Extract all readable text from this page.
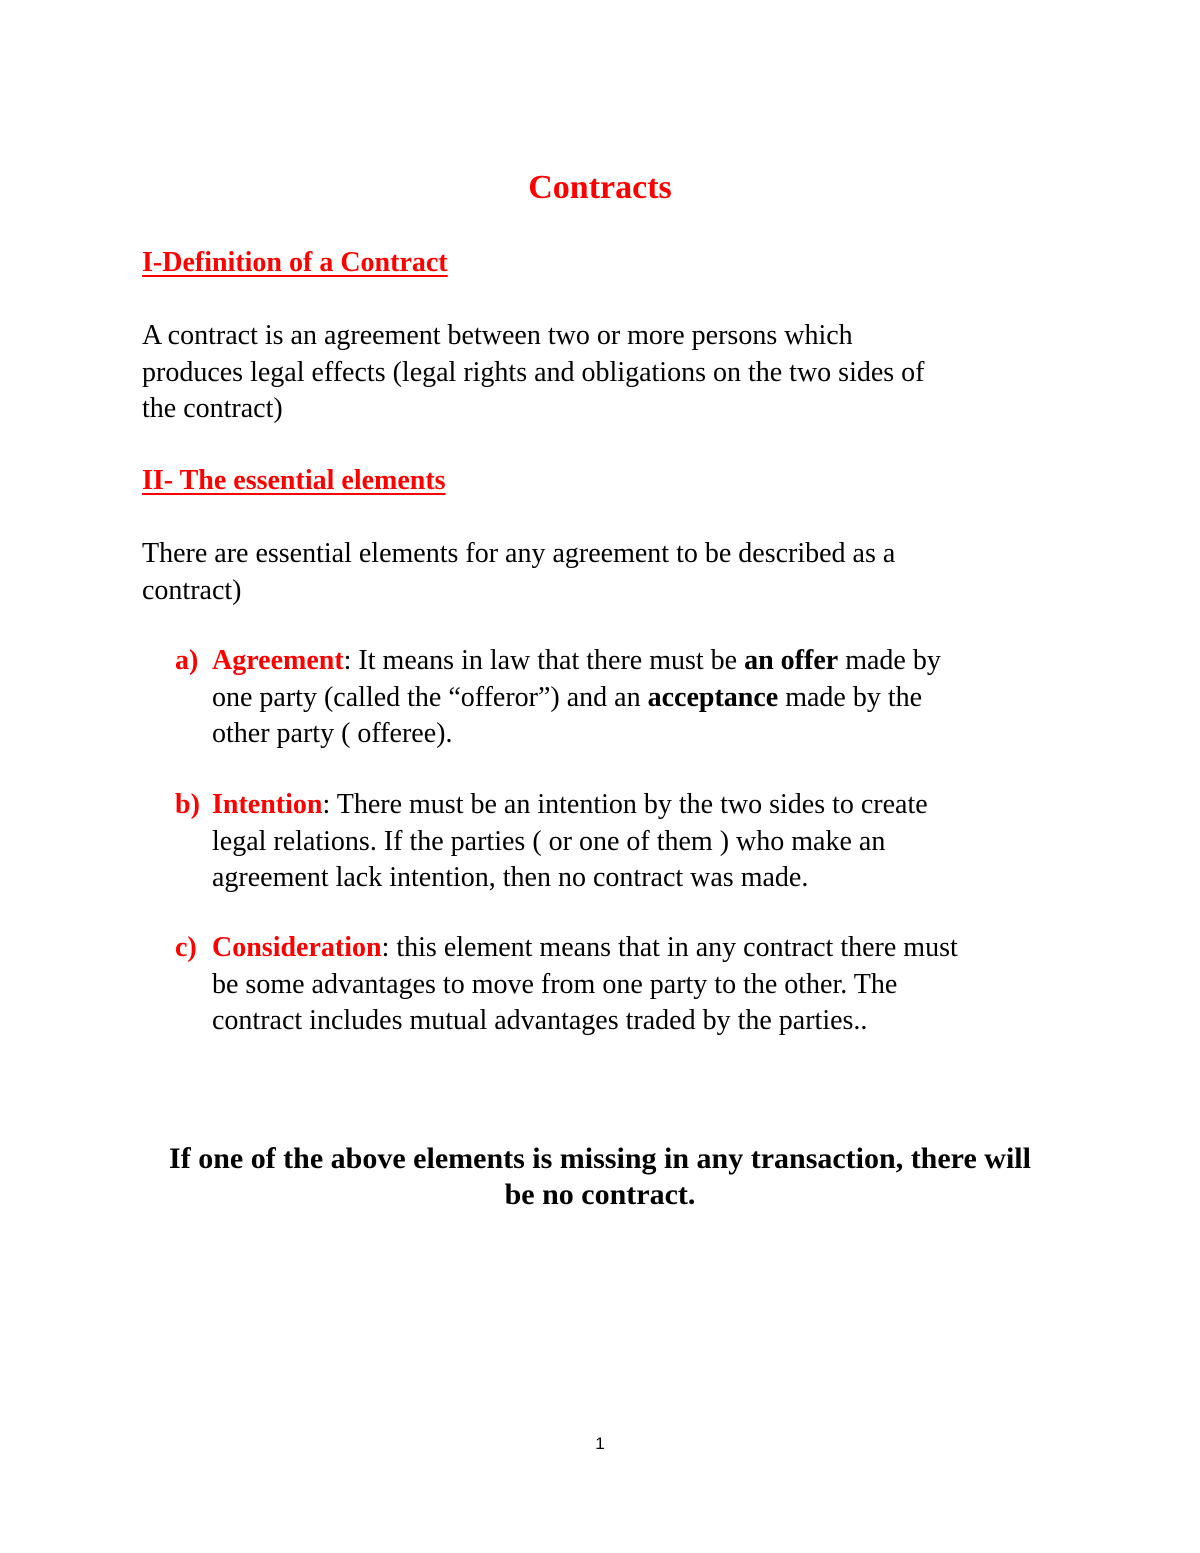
Contracts
I-Definition of a Contract

A contract is an agreement between two or more persons which
produces legal effects (legal rights and obligations on the two sides of
the contract)

II- The essential elements

There are essential elements for any agreement to be described as a
contract)

a) Agreement: It means in law that there must be an offer made by
one party (called the “offeror”) and an acceptance made by the
other party ( offeree).
b) Intention: There must be an intention by the two sides to create
legal relations. If the parties ( or one of them ) who make an
agreement lack intention, then no contract was made.
c) Consideration: this element means that in any contract there must
be some advantages to move from one party to the other. The
contract includes mutual advantages traded by the parties..

If one of the above elements is missing in any transaction, there will
be no contract.

1
